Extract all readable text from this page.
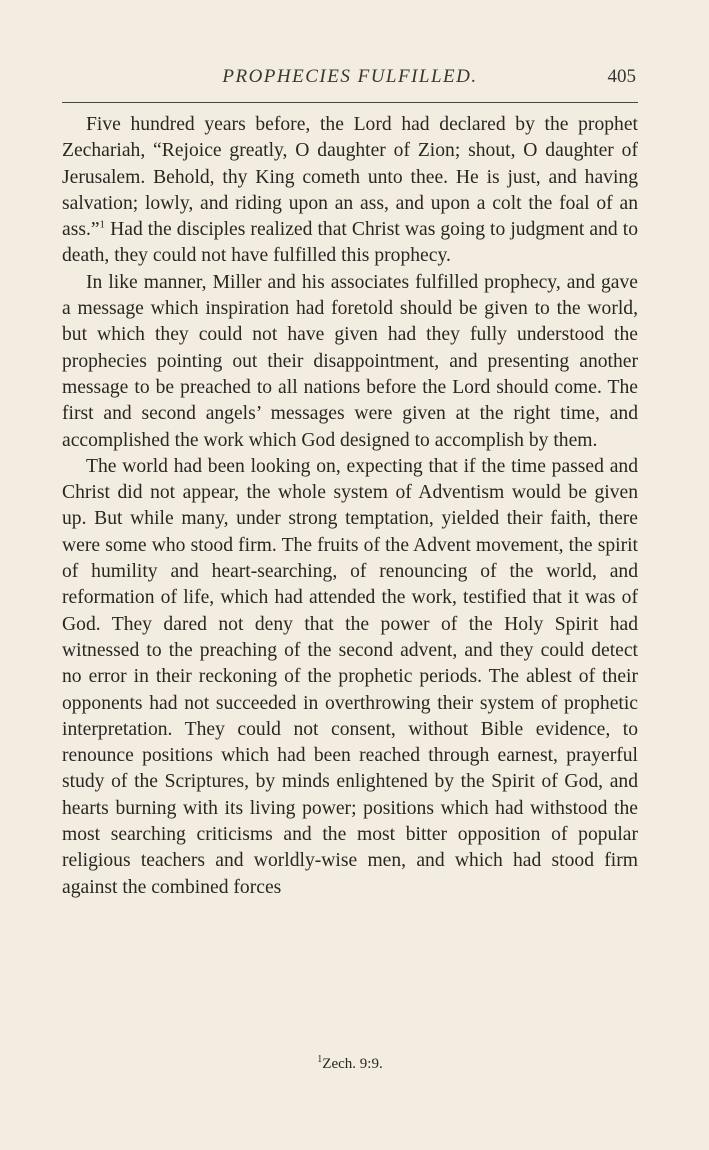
PROPHECIES FULFILLED.	405

Five hundred years before, the Lord had declared by the prophet Zechariah, “Rejoice greatly, O daughter of Zion; shout, O daughter of Jerusalem. Behold, thy King cometh unto thee. He is just, and having salvation; lowly, and riding upon an ass, and upon a colt the foal of an ass.”$^1$ Had the disciples realized that Christ was going to judgment and to death, they could not have fulfilled this prophecy.

In like manner, Miller and his associates fulfilled prophecy, and gave a message which inspiration had foretold should be given to the world, but which they could not have given had they fully understood the prophecies pointing out their disappointment, and presenting another message to be preached to all nations before the Lord should come. The first and second angels’ messages were given at the right time, and accomplished the work which God designed to accomplish by them.

The world had been looking on, expecting that if the time passed and Christ did not appear, the whole system of Adventism would be given up. But while many, under strong temptation, yielded their faith, there were some who stood firm. The fruits of the Advent movement, the spirit of humility and heart-searching, of renouncing of the world, and reformation of life, which had attended the work, testified that it was of God. They dared not deny that the power of the Holy Spirit had witnessed to the preaching of the second advent, and they could detect no error in their reckoning of the prophetic periods. The ablest of their opponents had not succeeded in overthrowing their system of prophetic interpretation. They could not consent, without Bible evidence, to renounce positions which had been reached through earnest, prayerful study of the Scriptures, by minds enlightened by the Spirit of God, and hearts burning with its living power; positions which had withstood the most searching criticisms and the most bitter opposition of popular religious teachers and worldly-wise men, and which had stood firm against the combined forces

$^1$Zech. 9:9.
